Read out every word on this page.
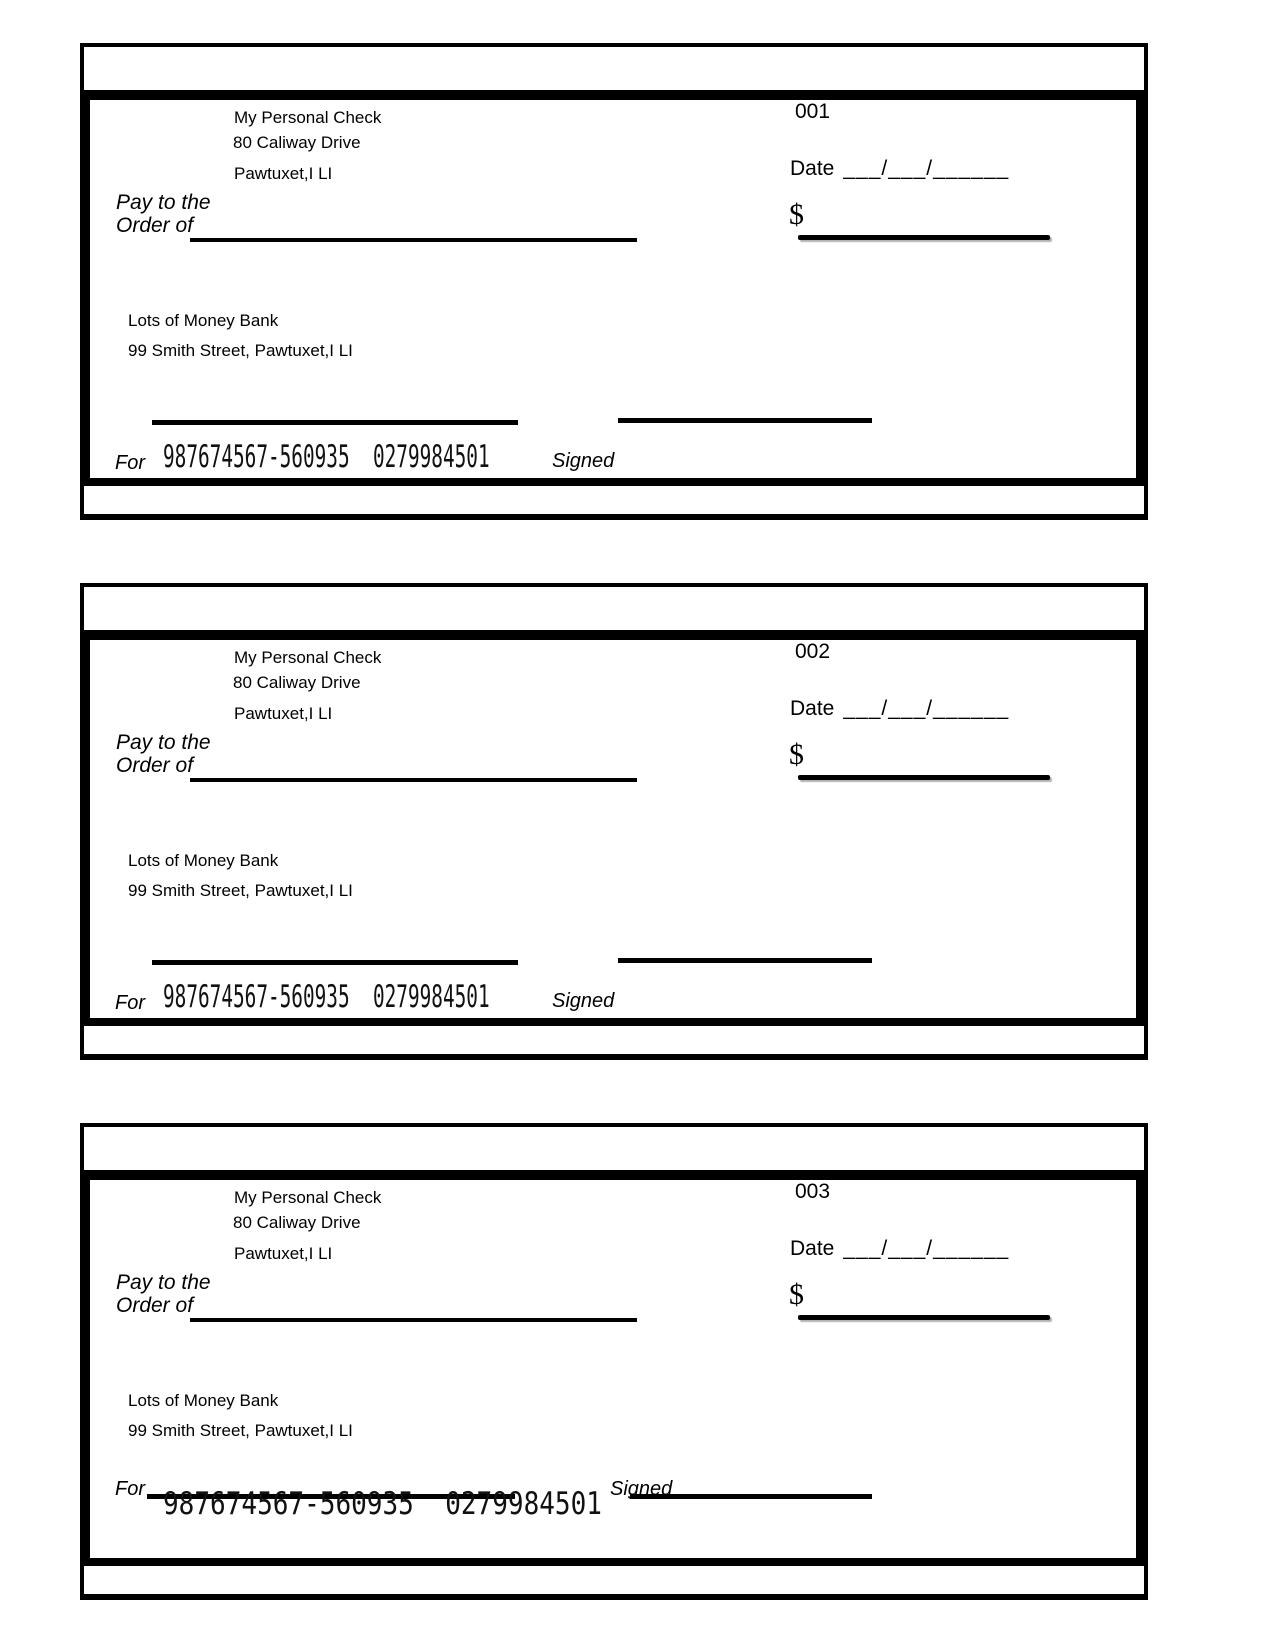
My Personal Check
80 Caliway Drive
Pawtuxet,I LI
001
Date ___/___/______
Pay to the
Order of	$
Lots of Money Bank
99 Smith Street, Pawtuxet,I LI
For 987674567-560935  0279984501	Signed
My Personal Check
80 Caliway Drive
Pawtuxet,I LI
002
Date ___/___/______
Pay to the
Order of	$
Lots of Money Bank
99 Smith Street, Pawtuxet,I LI
For 987674567-560935  0279984501	Signed
My Personal Check
80 Caliway Drive
Pawtuxet,I LI
003
Date ___/___/______
Pay to the
Order of	$
Lots of Money Bank
99 Smith Street, Pawtuxet,I LI
For 987674567-560935  0279984501 Signed
